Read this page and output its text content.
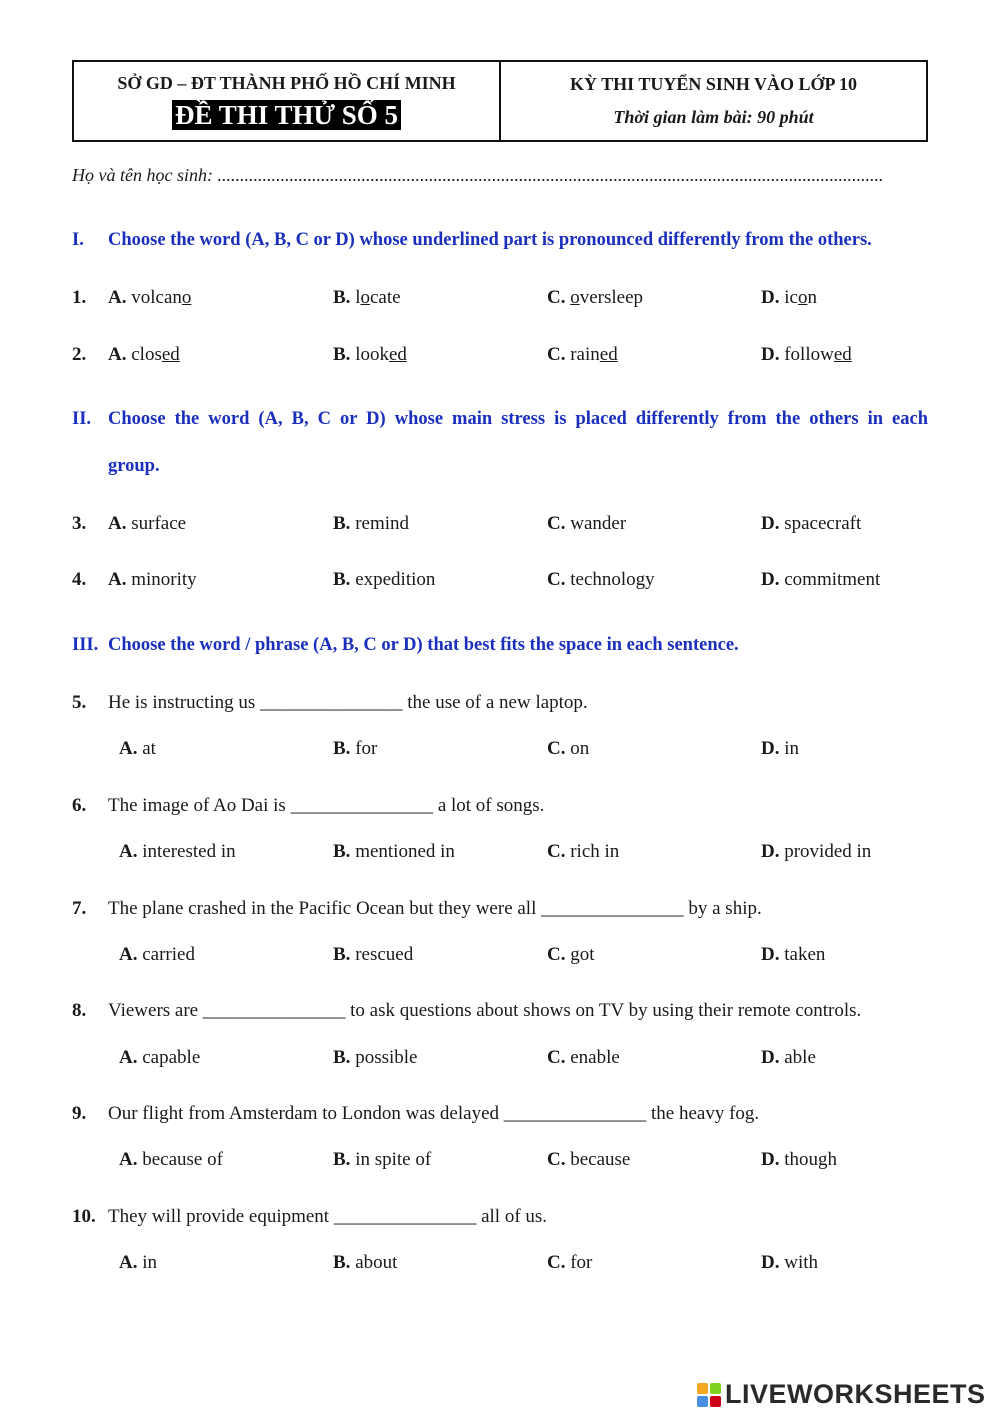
SỞ GD – ĐT THÀNH PHỐ HỒ CHÍ MINH
ĐỀ THI THỬ SỐ 5
KỲ THI TUYỂN SINH VÀO LỚP 10
Thời gian làm bài: 90 phút
Họ và tên học sinh: ....................................................................................................................................................
I. Choose the word (A, B, C or D) whose underlined part is pronounced differently from the others.
1. A. volcano	B. locate	C. oversleep	D. icon
2. A. closed	B. looked	C. rained	D. followed
II. Choose the word (A, B, C or D) whose main stress is placed differently from the others in each
group.
3. A. surface	B. remind	C. wander	D. spacecraft
4. A. minority	B. expedition	C. technology	D. commitment
III. Choose the word / phrase (A, B, C or D) that best fits the space in each sentence.
5. He is instructing us _______________ the use of a new laptop.
A. at	B. for	C. on	D. in
6. The image of Ao Dai is _______________ a lot of songs.
A. interested in	B. mentioned in	C. rich in	D. provided in
7. The plane crashed in the Pacific Ocean but they were all _______________ by a ship.
A. carried	B. rescued	C. got	D. taken
8. Viewers are _______________ to ask questions about shows on TV by using their remote controls.
A. capable	B. possible	C. enable	D. able
9. Our flight from Amsterdam to London was delayed _______________ the heavy fog.
A. because of	B. in spite of	C. because	D. though
10. They will provide equipment _______________ all of us.
A. in	B. about	C. for	D. with
LIVEWORKSHEETS
